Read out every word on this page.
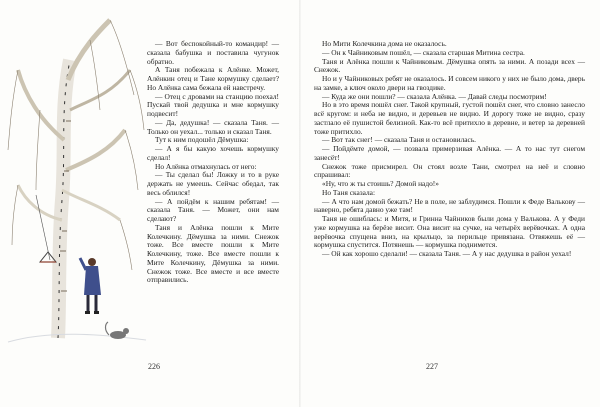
— Вот беспокойный-то командир! — сказала бабушка и поставила чугунок обратно.

А Таня побежала к Алёнке. Может, Алёнкин отец и Тане кормушку сделает? Но Алёнка сама бежала ей навстречу.

— Отец с дровами на станцию поехал! Пускай твой дедушка и мне кормушку подвесит!

— Да, дедушка! — сказала Таня. — Только он уехал... только и сказал Таня.

Тут к ним подошёл Дёмушка:

— А я бы какую хочешь кормушку сделал!

Но Алёнка отмахнулась от него:

— Ты сделал бы! Ложку и то в руке держать не умеешь. Сейчас обедал, так весь облился!

— А пойдём к нашим ребятам! — сказала Таня. — Может, они нам сделают?

Таня и Алёнка пошли к Мите Колечкину. Дёмушка за ними. Снежок тоже. Все вместе пошли к Мите Колечкину, тоже. Все вместе пошли к Мите Колечкину, Дёмушка за ними. Снежок тоже. Все вместе и все вместе отправились.

226

Но Мити Колечкина дома не оказалось.

— Он к Чайниковым пошёл, — сказала старшая Митина сестра.

Таня и Алёнка пошли к Чайниковым. Дёмушка опять за ними. А позади всех — Снежок.

Но и у Чайниковых ребят не оказалось. И совсем никого у них не было дома, дверь на замке, а ключ около двери на гвоздике.

— Куда же они пошли? — сказала Алёнка. — Давай следы посмотрим!

Но в это время пошёл снег. Такой крупный, густой пошёл снег, что словно занесло всё кругом: и неба не видно, и деревьев не видно. И дорогу тоже не видно, сразу застлало её пушистой белизной. Как-то всё притихло в деревне, и ветер за деревней тоже притихло.

— Вот так снег! — сказала Таня и остановилась.

— Пойдёмте домой, — позвала примерзивая Алёнка. — А то нас тут снегом занесёт!

Снежок тоже присмирел. Он стоял возле Тани, смотрел на неё и словно спрашивал:

«Ну, что ж ты стоишь? Домой надо!»

Но Таня сказала:

— А что нам домой бежать? Не в поле, не заблудимся. Пошли к Феде Валькову — наверно, ребята давно уже там!

Таня не ошиблась: и Митя, и Гринна Чайников были дома у Валькова. А у Феди уже кормушка на берёзе висит. Она висит на сучке, на четырёх верёвочках. А одна верёвочка спущена вниз, на крыльцо, за перильце привязана. Отвяжешь её — кормушка спустится. Потянешь — кормушка поднимется.

— Ой как хорошо сделали! — сказала Таня. — А у нас дедушка в район уехал!

227
